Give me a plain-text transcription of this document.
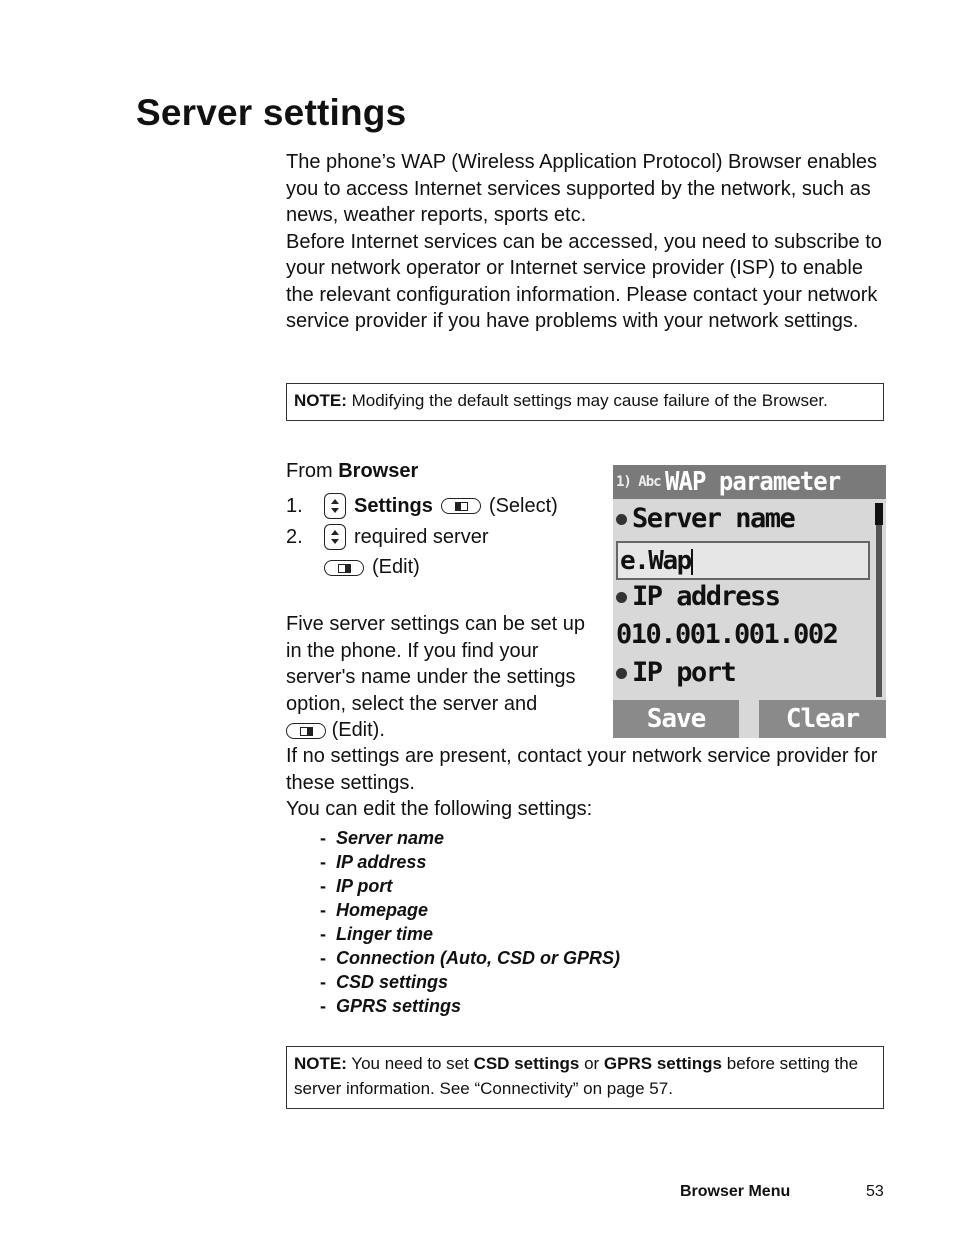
Server settings

The phone’s WAP (Wireless Application Protocol) Browser enables you to access Internet services supported by the network, such as news, weather reports, sports etc.

Before Internet services can be accessed, you need to subscribe to your network operator or Internet service provider (ISP) to enable the relevant configuration information. Please contact your network service provider if you have problems with your network settings.

NOTE: Modifying the default settings may cause failure of the Browser.
From Browser
1.	Settings	(Select)
2.	required server
(Edit)

Five server settings can be set up in the phone. If you find your server's name under the settings option, select the server and
(Edit).

If no settings are present, contact your network service provider for these settings.

You can edit the following settings:

1) Abc WAP parameter
Server name
e.Wap
IP address
010.001.001.002
IP port
Save	Clear
- Server name
- IP address
- IP port
- Homepage
- Linger time
- Connection (Auto, CSD or GPRS)
- CSD settings
- GPRS settings
NOTE: You need to set CSD settings or GPRS settings before setting the server information. See “Connectivity” on page 57.
Browser Menu	53
